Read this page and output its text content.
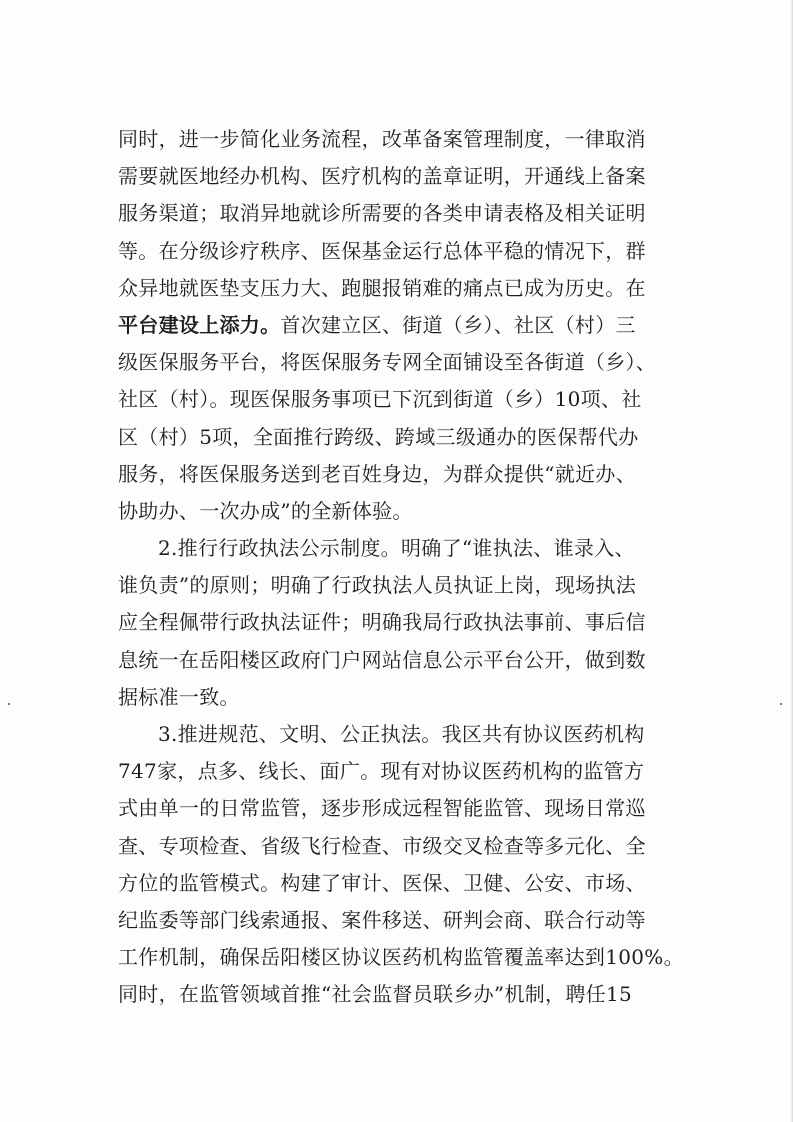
同时，进一步简化业务流程，改革备案管理制度，一律取消
需要就医地经办机构、医疗机构的盖章证明，开通线上备案
服务渠道；取消异地就诊所需要的各类申请表格及相关证明
等。在分级诊疗秩序、医保基金运行总体平稳的情况下，群
众异地就医垫支压力大、跑腿报销难的痛点已成为历史。在
平台建设上添力。首次建立区、街道（乡）、社区（村）三
级医保服务平台，将医保服务专网全面铺设至各街道（乡）、
社区（村）。现医保服务事项已下沉到街道（乡）10项、社
区（村）5项，全面推行跨级、跨域三级通办的医保帮代办
服务，将医保服务送到老百姓身边，为群众提供“就近办、
协助办、一次办成”的全新体验。
2.推行行政执法公示制度。明确了“谁执法、谁录入、
谁负责”的原则；明确了行政执法人员执证上岗，现场执法
应全程佩带行政执法证件；明确我局行政执法事前、事后信
息统一在岳阳楼区政府门户网站信息公示平台公开，做到数
据标准一致。
3.推进规范、文明、公正执法。我区共有协议医药机构
747家，点多、线长、面广。现有对协议医药机构的监管方
式由单一的日常监管，逐步形成远程智能监管、现场日常巡
查、专项检查、省级飞行检查、市级交叉检查等多元化、全
方位的监管模式。构建了审计、医保、卫健、公安、市场、
纪监委等部门线索通报、案件移送、研判会商、联合行动等
工作机制，确保岳阳楼区协议医药机构监管覆盖率达到100%。
同时，在监管领域首推“社会监督员联乡办”机制，聘任15
